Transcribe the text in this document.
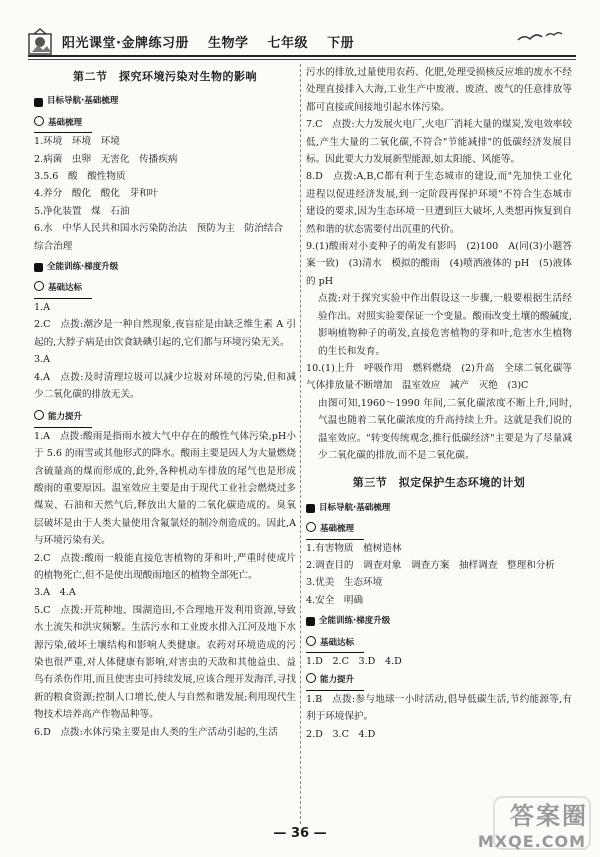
阳光课堂·金牌练习册 生物学 七年级 下册
第二节　探究环境污染对生物的影响
目标导航·基础梳理
基础梳理

1.环境　环境　环境

2.病菌　虫卵　无害化　传播疾病

3.5.6　酸　酸性物质

4.养分　酸化　酸化　芽和叶

5.净化装置　煤　石油

6.水　中华人民共和国水污染防治法　预防为主　防治结合

综合治理

全能训练·梯度升级
基础达标

1.A

2.C　点拨:潮汐是一种自然现象,夜盲症是由缺乏维生素 A 引起的,大脖子病是由饮食缺碘引起的,它们都与环境污染无关。

3.A

4.A　点拨:及时清理垃圾可以减少垃圾对环境的污染,但和减少二氧化碳的排放无关。

能力提升

1.A　点拨:酸雨是指雨水被大气中存在的酸性气体污染,pH小于 5.6 的雨雪或其他形式的降水。酸雨主要是因人为大量燃烧含硫量高的煤而形成的,此外,各种机动车排放的尾气也是形成酸雨的重要原因。温室效应主要是由于现代工业社会燃烧过多煤炭、石油和天然气后,释放出大量的二氧化碳造成的。臭氧层破坏是由于人类大量使用含氟氯烃的制冷剂造成的。因此,A 与环境污染有关。

2.C　点拨:酸雨一般能直接危害植物的芽和叶,严重时使成片的植物死亡,但不是使出现酸雨地区的植物全部死亡。

3.A　4.A

5.C　点拨:开荒种地、围湖造田,不合理地开发利用资源,导致水土流失和洪灾频繁。生活污水和工业废水排入江河及地下水源污染,破坏土壤结构和影响人类健康。农药对环境造成的污染也很严重,对人体健康有影响,对害虫的天敌和其他益虫、益鸟有杀伤作用,而且使害虫可持续发展,应该合理开发海洋,寻找新的粮食资源;控制人口增长,使人与自然和谐发展;利用现代生物技术培养高产作物品种等。

6.D　点拨:水体污染主要是由人类的生产活动引起的,生活

污水的排放,过量使用农药、化肥,处理受损核反应堆的废水不经处理直接排入大海,工业生产中废液、废渣、废气的任意排放等都可直接或间接地引起水体污染。

7.C　点拨:大力发展火电厂,火电厂消耗大量的煤炭,发电效率较低,产生大量的二氧化碳,不符合"节能减排"的低碳经济发展目标。因此要大力发展新型能源,如太阳能、风能等。

8.D　点拨:A,B,C都有利于生态城市的建设,而"先加快工业化进程以促进经济发展,到一定阶段再保护环境"不符合生态城市建设的要求,因为生态环境一旦遭到巨大破坏,人类想再恢复到自然和谐的状态需要付出沉重的代价。

9.(1)酸雨对小麦种子的萌发有影吗　(2)100　A(同(3)小题答案一致)　(3)清水　模拟的酸雨　(4)喷洒液体的 pH　(5)液体的 pH

点拨:对于探究实验中作出假设这一步骤,一般要根据生活经验作出。对照实验要保证一个变量。酸雨改变土壤的酸碱度,影响植物种子的萌发,直接危害植物的芽和叶,危害水生植物的生长和发育。

10.(1)上升　呼吸作用　燃料燃烧　(2)升高　全球二氧化碳等气体排放量不断增加　温室效应　减产　灭绝　(3)C

由图可知,1960～1990 年间,二氧化碳浓度不断上升,同时,气温也随着二氧化碳浓度的升高持续上升。这就是我们说的温室效应。"转变传统观念,推行低碳经济"主要是为了尽量减少二氧化碳的排放,而不是二氧化碳。

第三节　拟定保护生态环境的计划
目标导航·基础梳理
基础梳理

1.有害物质　植树造林

2.调查目的　调查对象　调查方案　抽样调查　整理和分析

3.优美　生态环境

4.安全　明确

全能训练·梯度升级
基础达标

1.D　2.C　3.D　4.D

能力提升

1.B　点拨:参与地球一小时活动,倡导低碳生活,节约能源等,有利于环境保护。

2.D　3.C　4.D

— 36 —
答案圈
MXQE.COM
